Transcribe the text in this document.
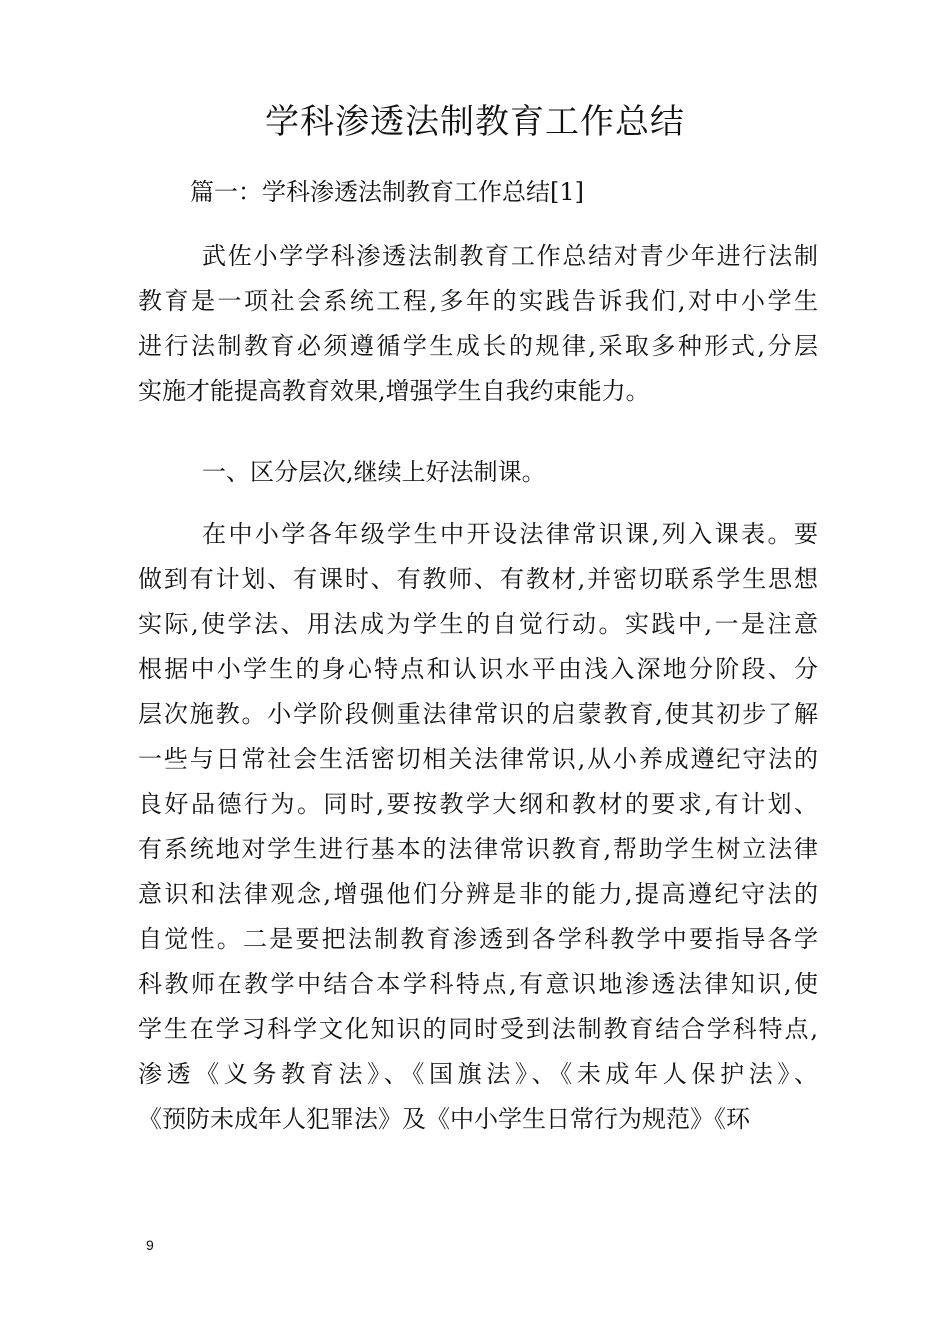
学科渗透法制教育工作总结

篇一：学科渗透法制教育工作总结[1]

武佐小学学科渗透法制教育工作总结对青少年进行法制
教育是一项社会系统工程,多年的实践告诉我们,对中小学生
进行法制教育必须遵循学生成长的规律,采取多种形式,分层
实施才能提高教育效果,增强学生自我约束能力。
一、区分层次,继续上好法制课。
在中小学各年级学生中开设法律常识课,列入课表。要
做到有计划、有课时、有教师、有教材,并密切联系学生思想
实际,使学法、用法成为学生的自觉行动。实践中,一是注意
根据中小学生的身心特点和认识水平由浅入深地分阶段、分
层次施教。小学阶段侧重法律常识的启蒙教育,使其初步了解
一些与日常社会生活密切相关法律常识,从小养成遵纪守法的
良好品德行为。同时,要按教学大纲和教材的要求,有计划、
有系统地对学生进行基本的法律常识教育,帮助学生树立法律
意识和法律观念,增强他们分辨是非的能力,提高遵纪守法的
自觉性。二是要把法制教育渗透到各学科教学中要指导各学
科教师在教学中结合本学科特点,有意识地渗透法律知识,使
学生在学习科学文化知识的同时受到法制教育结合学科特点,
渗透《义务教育法》、《国旗法》、《未成年人保护法》、
《预防未成年人犯罪法》及《中小学生日常行为规范》《环
9
